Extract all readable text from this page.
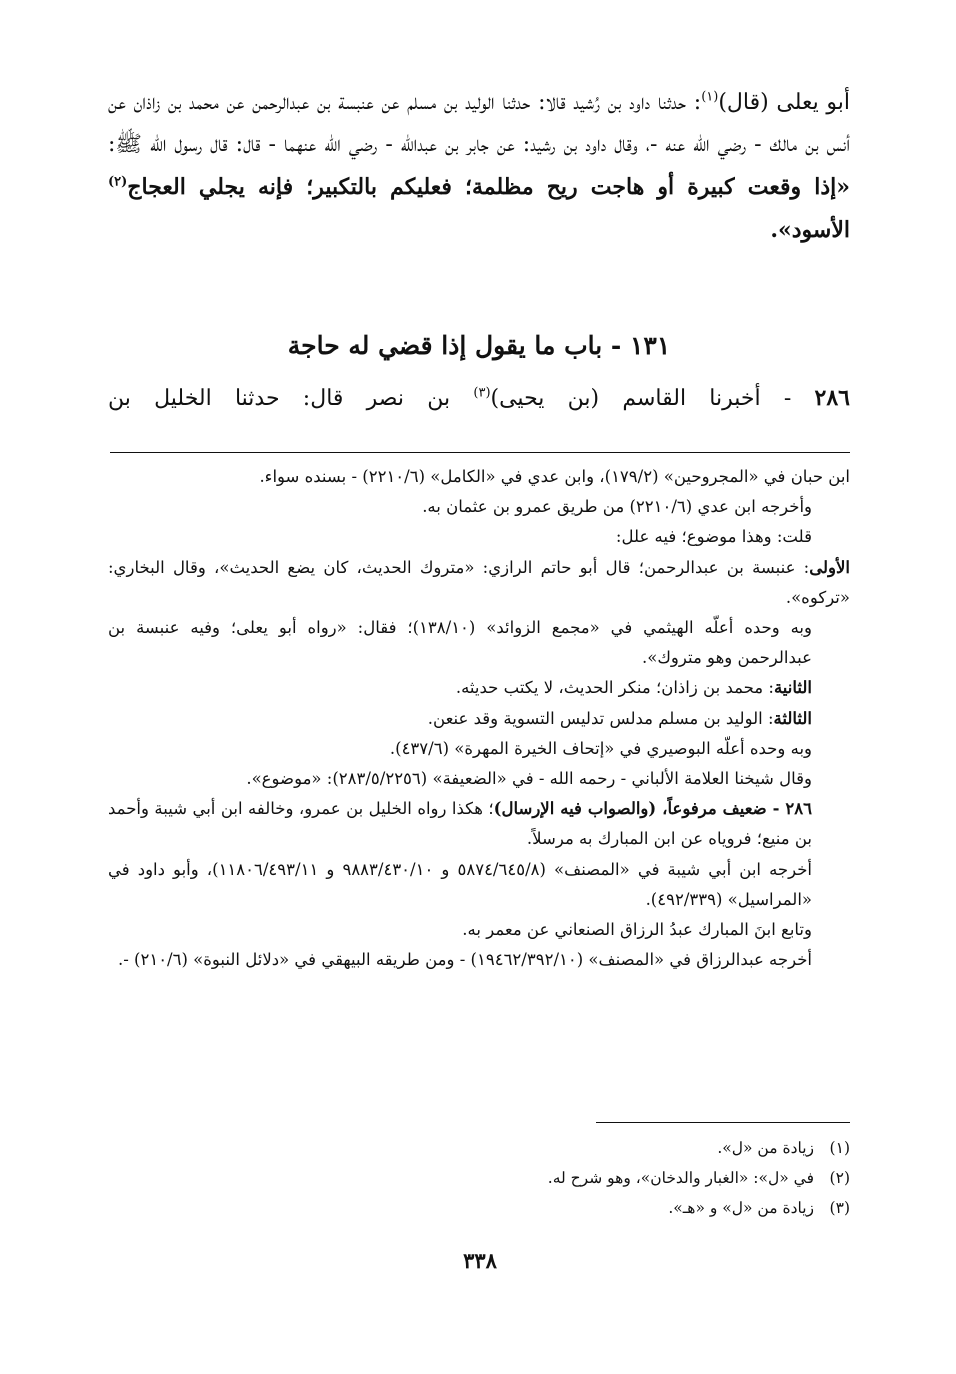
أبو يعلى (قال)$^{(١)}$: حدثنا داود بن رُشيد قالا: حدثنا الوليد بن مسلم عن عنبسة بن عبدالرحمن عن محمد بن زاذان عن أنس بن مالك - رضي الله عنه -، وقال داود بن رشيد: عن جابر بن عبدالله - رضي الله عنهما - قال: قال رسول الله ﷺ: «إذا وقعت كبيرة أو هاجت ريح مظلمة؛ فعليكم بالتكبير؛ فإنه يجلي العجاج$^{(٢)}$ الأسود».

١٣١ - باب ما يقول إذا قضي له حاجة
٢٨٦ - أخبرنا القاسم (بن يحيى)$^{(٣)}$ بن نصر قال: حدثنا الخليل بن

ابن حبان في «المجروحين» (١٧٩/٢)، وابن عدي في «الكامل» (٢٢١٠/٦) - بسنده سواء.

وأخرجه ابن عدي (٢٢١٠/٦) من طريق عمرو بن عثمان به.

قلت: وهذا موضوع؛ فيه علل:

الأولى: عنبسة بن عبدالرحمن؛ قال أبو حاتم الرازي: «متروك الحديث، كان يضع الحديث»، وقال البخاري: «تركوه».

وبه وحده أعلّه الهيثمي في «مجمع الزوائد» (١٣٨/١٠)؛ فقال: «رواه أبو يعلى؛ وفيه عنبسة بن عبدالرحمن وهو متروك».

الثانية: محمد بن زاذان؛ منكر الحديث، لا يكتب حديثه.

الثالثة: الوليد بن مسلم مدلس تدليس التسوية وقد عنعن.

وبه وحده أعلّه البوصيري في «إتحاف الخيرة المهرة» (٤٣٧/٦).

وقال شيخنا العلامة الألباني - رحمه الله - في «الضعيفة» (٢٨٣/٥/٢٢٥٦): «موضوع».

٢٨٦ - ضعيف مرفوعاً، (والصواب فيه الإرسال)؛ هكذا رواه الخليل بن عمرو، وخالفه ابن أبي شيبة وأحمد بن منيع؛ فروياه عن ابن المبارك به مرسلاً.

أخرجه ابن أبي شيبة في «المصنف» (٥٨٧٤/٦٤٥/٨ و ٩٨٨٣/٤٣٠/١٠ و ١١٨٠٦/٤٩٣/١١)، وأبو داود في «المراسيل» (٤٩٢/٣٣٩).

وتابع ابنَ المبارك عبدُ الرزاق الصنعاني عن معمر به.

أخرجه عبدالرزاق في «المصنف» (١٩٤٦٢/٣٩٢/١٠) - ومن طريقه البيهقي في «دلائل النبوة» (٢١٠/٦) -.

(١)
زيادة من «ل».
(٢)
في «ل»: «الغبار والدخان»، وهو شرح له.
(٣)
زيادة من «ل» و «هـ».
٣٣٨
